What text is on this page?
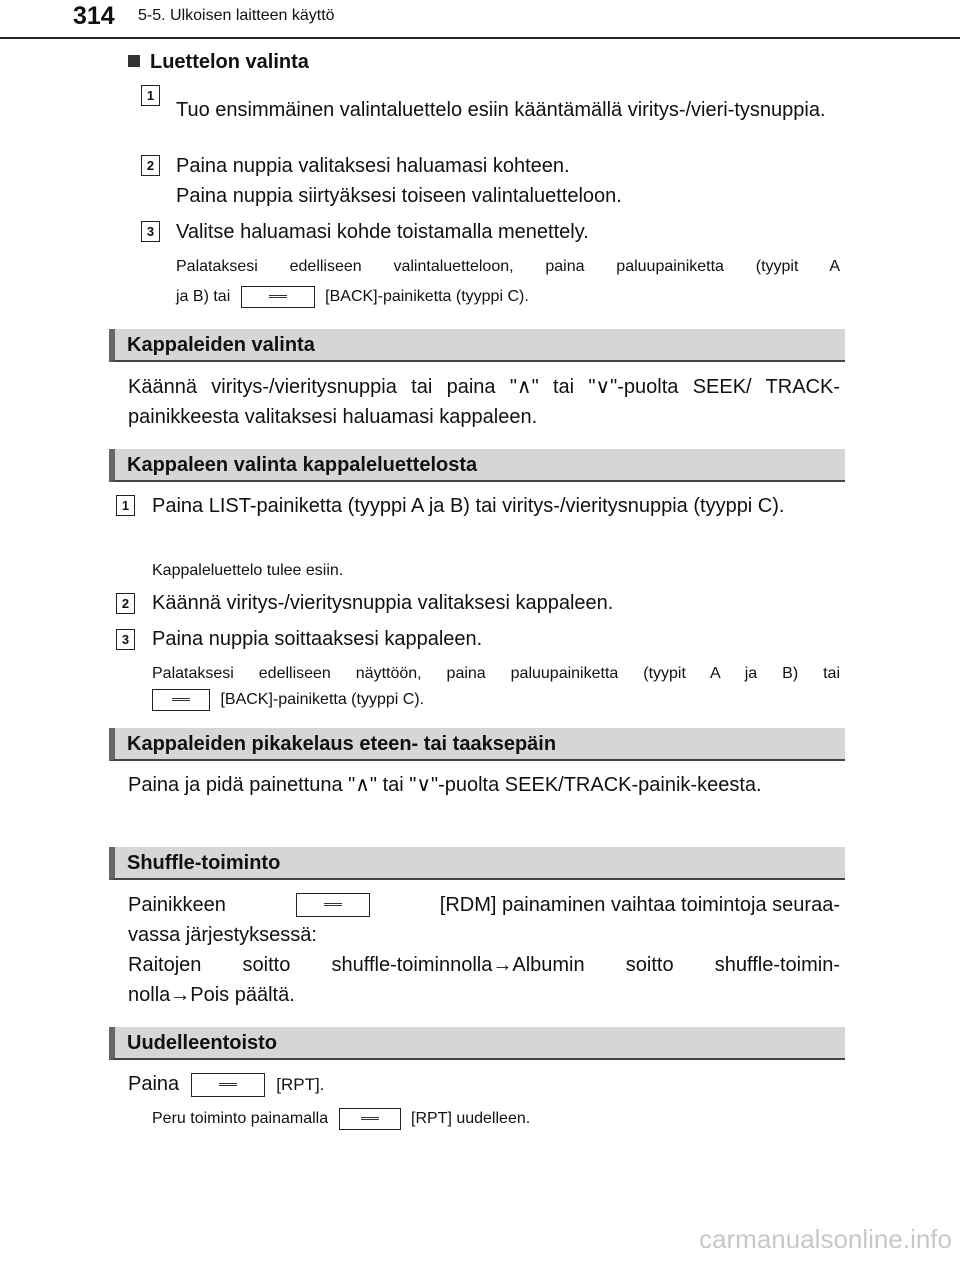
314 5-5. Ulkoisen laitteen käyttö
Luettelon valinta
1
Tuo ensimmäinen valintaluettelo esiin kääntämällä viritys-/vieri-tysnuppia.
2 Paina nuppia valitaksesi haluamasi kohteen.
Paina nuppia siirtyäksesi toiseen valintaluetteloon.
3 Valitse haluamasi kohde toistamalla menettely.
Palataksesi edelliseen valintaluetteloon, paina paluupainiketta (tyypit A
ja B) tai	[BACK]-painiketta (tyyppi C).
Kappaleiden valinta
Käännä viritys-/vieritysnuppia tai paina "∧" tai "∨"-puolta SEEK/ TRACK-painikkeesta valitaksesi haluamasi kappaleen.
Kappaleen valinta kappaleluettelosta
1 Paina LIST-painiketta (tyyppi A ja B) tai viritys-/vieritysnuppia (tyyppi C).
Kappaleluettelo tulee esiin.
2 Käännä viritys-/vieritysnuppia valitaksesi kappaleen.
3 Paina nuppia soittaaksesi kappaleen.
Palataksesi edelliseen näyttöön, paina paluupainiketta (tyypit A ja B) tai
[BACK]-painiketta (tyyppi C).
Kappaleiden pikakelaus eteen- tai taaksepäin
Paina ja pidä painettuna "∧" tai "∨"-puolta SEEK/TRACK-painik-keesta.
Shuffle-toiminto
Painikkeen	[RDM] painaminen vaihtaa toimintoja seuraa-
vassa järjestyksessä:
Raitojen soitto shuffle-toiminnolla→Albumin soitto shuffle-toimin-
nolla→Pois päältä.
Uudelleentoisto
Paina	[RPT].
Peru toiminto painamalla	[RPT] uudelleen.
carmanualsonline.info
